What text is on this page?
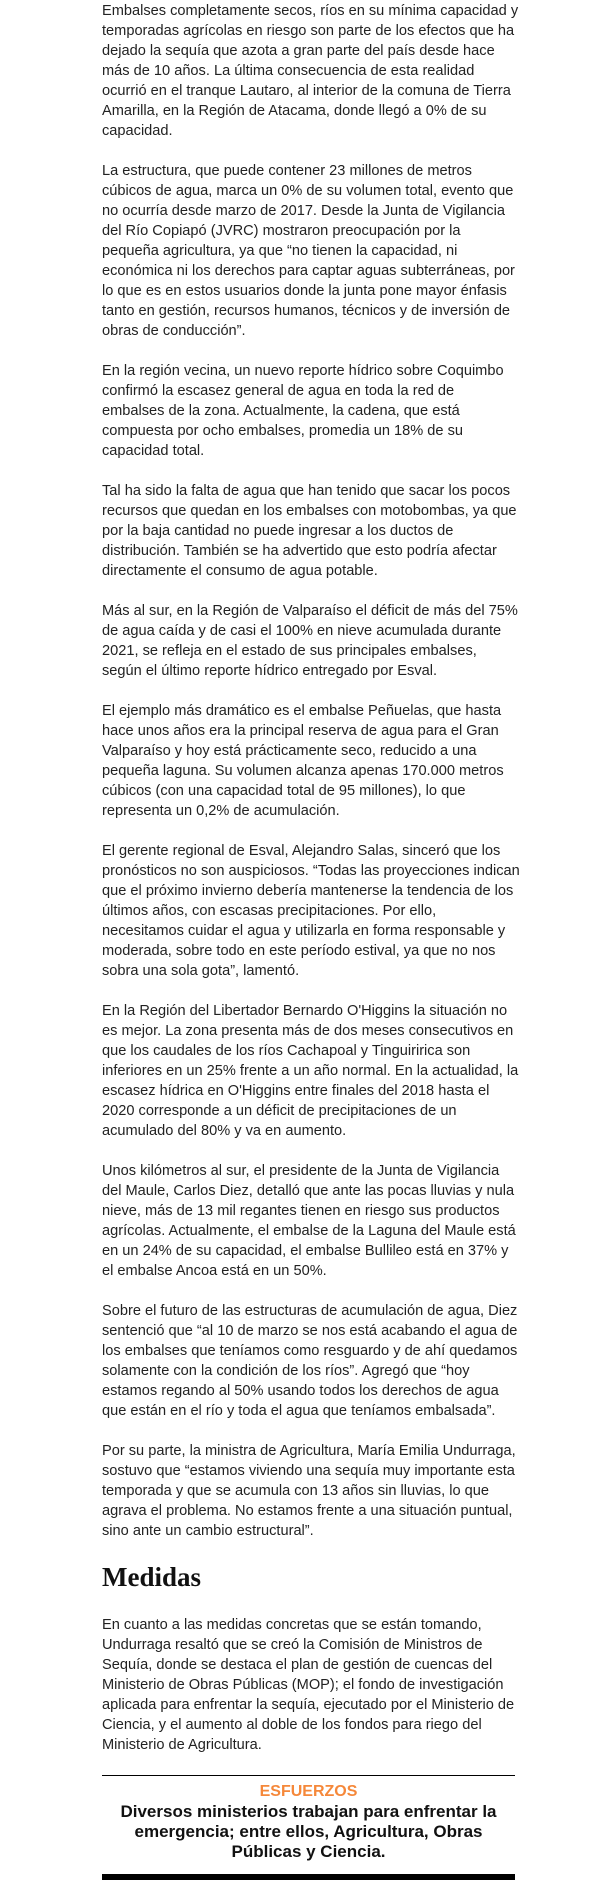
Embalses completamente secos, ríos en su mínima capacidad y temporadas agrícolas en riesgo son parte de los efectos que ha dejado la sequía que azota a gran parte del país desde hace más de 10 años. La última consecuencia de esta realidad ocurrió en el tranque Lautaro, al interior de la comuna de Tierra Amarilla, en la Región de Atacama, donde llegó a 0% de su capacidad.

La estructura, que puede contener 23 millones de metros cúbicos de agua, marca un 0% de su volumen total, evento que no ocurría desde marzo de 2017. Desde la Junta de Vigilancia del Río Copiapó (JVRC) mostraron preocupación por la pequeña agricultura, ya que “no tienen la capacidad, ni económica ni los derechos para captar aguas subterráneas, por lo que es en estos usuarios donde la junta pone mayor énfasis tanto en gestión, recursos humanos, técnicos y de inversión de obras de conducción”.

En la región vecina, un nuevo reporte hídrico sobre Coquimbo confirmó la escasez general de agua en toda la red de embalses de la zona. Actualmente, la cadena, que está compuesta por ocho embalses, promedia un 18% de su capacidad total.

Tal ha sido la falta de agua que han tenido que sacar los pocos recursos que quedan en los embalses con motobombas, ya que por la baja cantidad no puede ingresar a los ductos de distribución. También se ha advertido que esto podría afectar directamente el consumo de agua potable.

Más al sur, en la Región de Valparaíso el déficit de más del 75% de agua caída y de casi el 100% en nieve acumulada durante 2021, se refleja en el estado de sus principales embalses, según el último reporte hídrico entregado por Esval.

El ejemplo más dramático es el embalse Peñuelas, que hasta hace unos años era la principal reserva de agua para el Gran Valparaíso y hoy está prácticamente seco, reducido a una pequeña laguna. Su volumen alcanza apenas 170.000 metros cúbicos (con una capacidad total de 95 millones), lo que representa un 0,2% de acumulación.

El gerente regional de Esval, Alejandro Salas, sinceró que los pronósticos no son auspiciosos. “Todas las proyecciones indican que el próximo invierno debería mantenerse la tendencia de los últimos años, con escasas precipitaciones. Por ello, necesitamos cuidar el agua y utilizarla en forma responsable y moderada, sobre todo en este período estival, ya que no nos sobra una sola gota”, lamentó.

En la Región del Libertador Bernardo O'Higgins la situación no es mejor. La zona presenta más de dos meses consecutivos en que los caudales de los ríos Cachapoal y Tinguiririca son inferiores en un 25% frente a un año normal. En la actualidad, la escasez hídrica en O'Higgins entre finales del 2018 hasta el 2020 corresponde a un déficit de precipitaciones de un acumulado del 80% y va en aumento.

Unos kilómetros al sur, el presidente de la Junta de Vigilancia del Maule, Carlos Diez, detalló que ante las pocas lluvias y nula nieve, más de 13 mil regantes tienen en riesgo sus productos agrícolas. Actualmente, el embalse de la Laguna del Maule está en un 24% de su capacidad, el embalse Bullileo está en 37% y el embalse Ancoa está en un 50%.

Sobre el futuro de las estructuras de acumulación de agua, Diez sentenció que “al 10 de marzo se nos está acabando el agua de los embalses que teníamos como resguardo y de ahí quedamos solamente con la condición de los ríos”. Agregó que “hoy estamos regando al 50% usando todos los derechos de agua que están en el río y toda el agua que teníamos embalsada”.

Por su parte, la ministra de Agricultura, María Emilia Undurraga, sostuvo que “estamos viviendo una sequía muy importante esta temporada y que se acumula con 13 años sin lluvias, lo que agrava el problema. No estamos frente a una situación puntual, sino ante un cambio estructural”.

Medidas

En cuanto a las medidas concretas que se están tomando, Undurraga resaltó que se creó la Comisión de Ministros de Sequía, donde se destaca el plan de gestión de cuencas del Ministerio de Obras Públicas (MOP); el fondo de investigación aplicada para enfrentar la sequía, ejecutado por el Ministerio de Ciencia, y el aumento al doble de los fondos para riego del Ministerio de Agricultura.

ESFUERZOS
Diversos ministerios trabajan para enfrentar la emergencia; entre ellos, Agricultura, Obras Públicas y Ciencia.
